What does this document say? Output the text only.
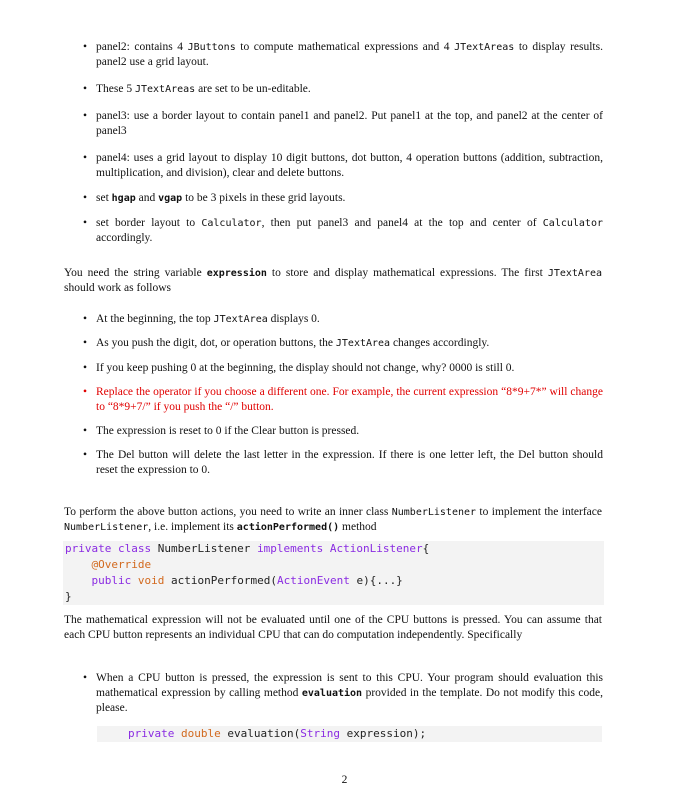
• panel2: contains 4 JButtons to compute mathematical expressions and 4 JTextAreas to display results. panel2 use a grid layout.
• These 5 JTextAreas are set to be un-editable.
• panel3: use a border layout to contain panel1 and panel2. Put panel1 at the top, and panel2 at the center of panel3
• panel4: uses a grid layout to display 10 digit buttons, dot button, 4 operation buttons (addition, subtraction, multiplication, and division), clear and delete buttons.
• set hgap and vgap to be 3 pixels in these grid layouts.
• set border layout to Calculator, then put panel3 and panel4 at the top and center of Calculator accordingly.
You need the string variable expression to store and display mathematical expressions. The first JTextArea should work as follows
• At the beginning, the top JTextArea displays 0.
• As you push the digit, dot, or operation buttons, the JTextArea changes accordingly.
• If you keep pushing 0 at the beginning, the display should not change, why? 0000 is still 0.
• Replace the operator if you choose a different one. For example, the current expression “8*9+7*” will change to “8*9+7/” if you push the “/” button.
• The expression is reset to 0 if the Clear button is pressed.
• The Del button will delete the last letter in the expression. If there is one letter left, the Del button should reset the expression to 0.
To perform the above button actions, you need to write an inner class NumberListener to implement the interface NumberListener, i.e. implement its actionPerformed() method
private class NumberListener implements ActionListener{
@Override
public void actionPerformed(ActionEvent e){...}
}
The mathematical expression will not be evaluated until one of the CPU buttons is pressed. You can assume that each CPU button represents an individual CPU that can do computation independently. Specifically
• When a CPU button is pressed, the expression is sent to this CPU. Your program should evaluation this mathematical expression by calling method evaluation provided in the template. Do not modify this code, please.
private double evaluation(String expression);
2
